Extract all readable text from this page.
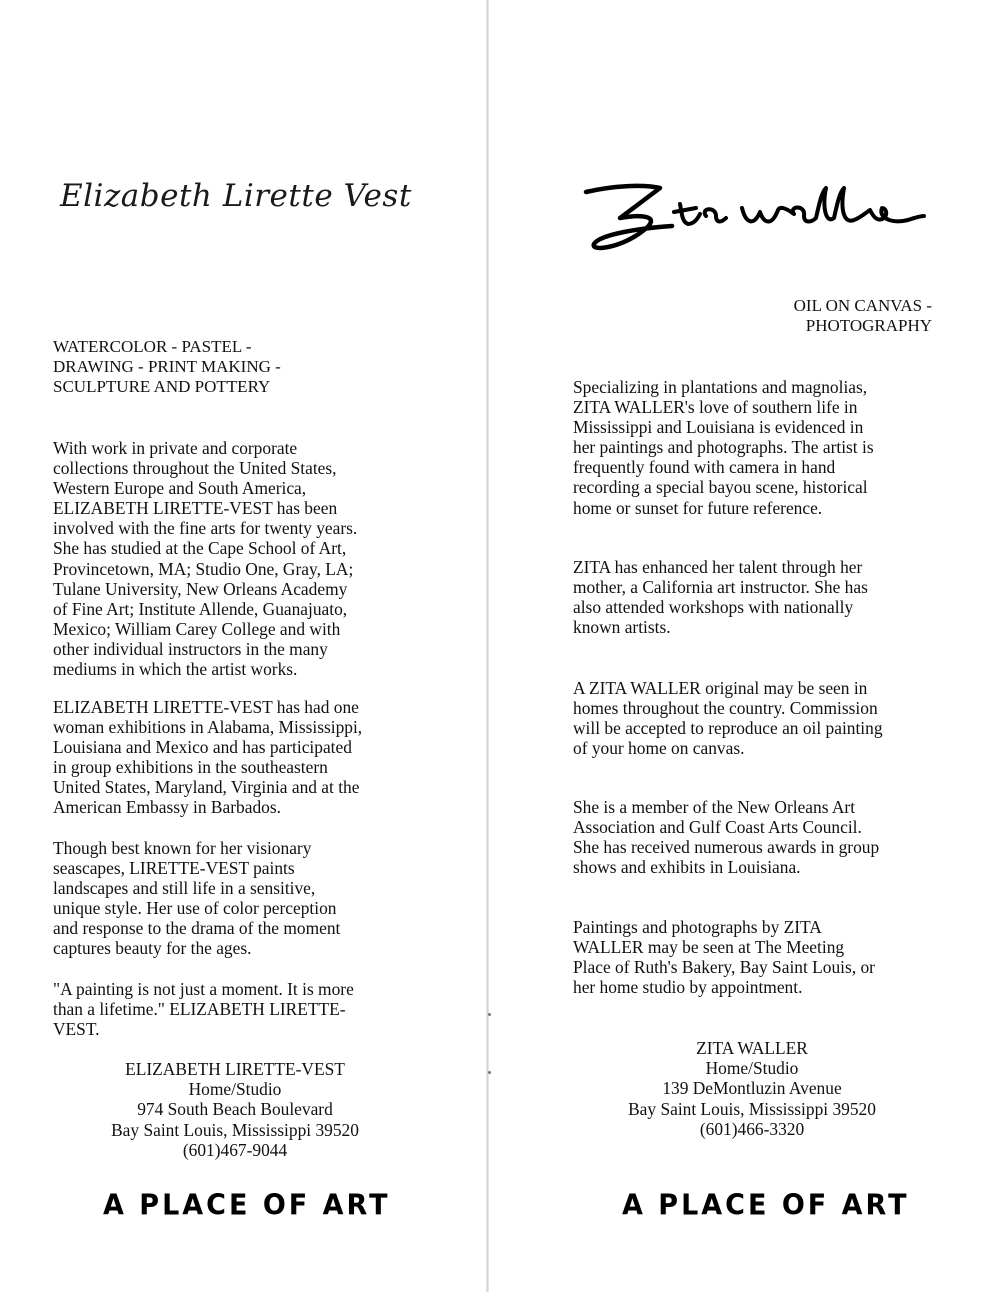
Elizabeth Lirette Vest
WATERCOLOR - PASTEL -
DRAWING - PRINT MAKING -
SCULPTURE AND POTTERY

With work in private and corporate
collections throughout the United States,
Western Europe and South America,
ELIZABETH LIRETTE-VEST has been
involved with the fine arts for twenty years.
She has studied at the Cape School of Art,
Provincetown, MA; Studio One, Gray, LA;
Tulane University, New Orleans Academy
of Fine Art; Institute Allende, Guanajuato,
Mexico; William Carey College and with
other individual instructors in the many
mediums in which the artist works.

ELIZABETH LIRETTE-VEST has had one
woman exhibitions in Alabama, Mississippi,
Louisiana and Mexico and has participated
in group exhibitions in the southeastern
United States, Maryland, Virginia and at the
American Embassy in Barbados.

Though best known for her visionary
seascapes, LIRETTE-VEST paints
landscapes and still life in a sensitive,
unique style. Her use of color perception
and response to the drama of the moment
captures beauty for the ages.

"A painting is not just a moment. It is more
than a lifetime." ELIZABETH LIRETTE-
VEST.

ELIZABETH LIRETTE-VEST
Home/Studio
974 South Beach Boulevard
Bay Saint Louis, Mississippi 39520
(601)467-9044
A PLACE OF ART
OIL ON CANVAS -
PHOTOGRAPHY

Specializing in plantations and magnolias,
ZITA WALLER's love of southern life in
Mississippi and Louisiana is evidenced in
her paintings and photographs. The artist is
frequently found with camera in hand
recording a special bayou scene, historical
home or sunset for future reference.

ZITA has enhanced her talent through her
mother, a California art instructor. She has
also attended workshops with nationally
known artists.

A ZITA WALLER original may be seen in
homes throughout the country. Commission
will be accepted to reproduce an oil painting
of your home on canvas.

She is a member of the New Orleans Art
Association and Gulf Coast Arts Council.
She has received numerous awards in group
shows and exhibits in Louisiana.

Paintings and photographs by ZITA
WALLER may be seen at The Meeting
Place of Ruth's Bakery, Bay Saint Louis, or
her home studio by appointment.

ZITA WALLER
Home/Studio
139 DeMontluzin Avenue
Bay Saint Louis, Mississippi 39520
(601)466-3320
A PLACE OF ART
